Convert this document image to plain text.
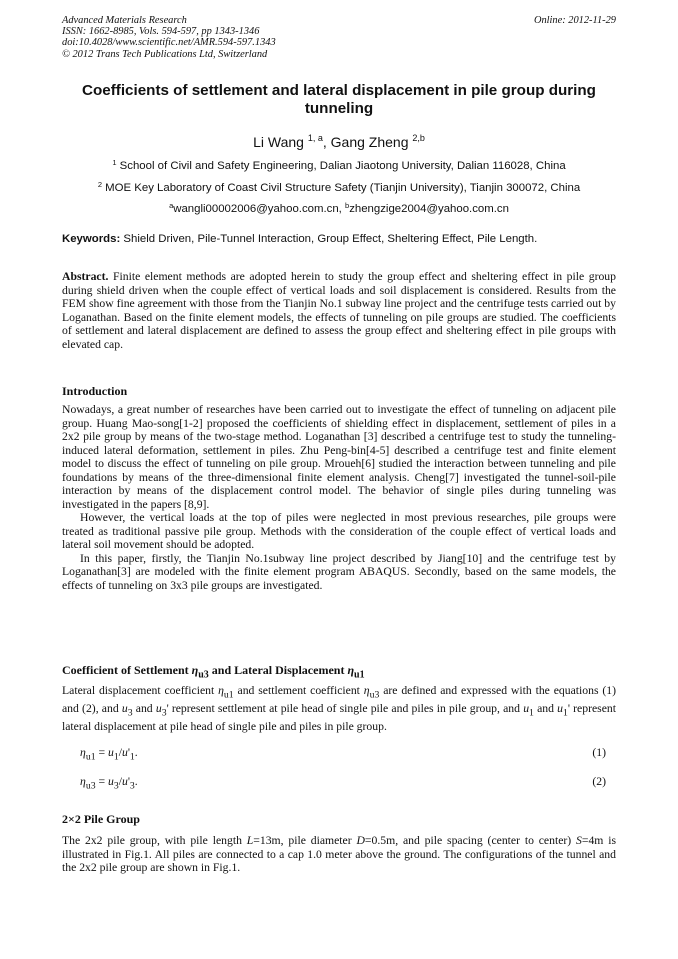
Advanced Materials Research
ISSN: 1662-8985, Vols. 594-597, pp 1343-1346
doi:10.4028/www.scientific.net/AMR.594-597.1343
© 2012 Trans Tech Publications Ltd, Switzerland
Online: 2012-11-29
Coefficients of settlement and lateral displacement in pile group during tunneling
Li Wang $^{1, a}$, Gang Zheng $^{2,b}$
$^1$ School of Civil and Safety Engineering, Dalian Jiaotong University, Dalian 116028, China
$^2$ MOE Key Laboratory of Coast Civil Structure Safety (Tianjin University), Tianjin 300072, China
$^a$wangli00002006@yahoo.com.cn, $^b$zhengzige2004@yahoo.com.cn
Keywords: Shield Driven, Pile-Tunnel Interaction, Group Effect, Sheltering Effect, Pile Length.

Abstract. Finite element methods are adopted herein to study the group effect and sheltering effect in pile group during shield driven when the couple effect of vertical loads and soil displacement is considered. Results from the FEM show fine agreement with those from the Tianjin No.1 subway line project and the centrifuge tests carried out by Loganathan. Based on the finite element models, the effects of tunneling on pile groups are studied. The coefficients of settlement and lateral displacement are defined to assess the group effect and sheltering effect in pile groups with elevated cap.

Introduction

Nowadays, a great number of researches have been carried out to investigate the effect of tunneling on adjacent pile group. Huang Mao-song[1-2] proposed the coefficients of shielding effect in displacement, settlement of piles in a 2x2 pile group by means of the two-stage method. Loganathan [3] described a centrifuge test to study the tunneling-induced lateral deformation, settlement in piles. Zhu Peng-bin[4-5] described a centrifuge test and finite element model to discuss the effect of tunneling on pile group. Mroueh[6] studied the interaction between tunneling and pile foundations by means of the three-dimensional finite element analysis. Cheng[7] investigated the tunnel-soil-pile interaction by means of the displacement control model. The behavior of single piles during tunneling was investigated in the papers [8,9].

However, the vertical loads at the top of piles were neglected in most previous researches, pile groups were treated as traditional passive pile group. Methods with the consideration of the couple effect of vertical loads and lateral soil movement should be adopted.

In this paper, firstly, the Tianjin No.1subway line project described by Jiang[10] and the centrifuge test by Loganathan[3] are modeled with the finite element program ABAQUS. Secondly, based on the same models, the effects of tunneling on 3x3 pile groups are investigated.

Coefficient of Settlement $\eta_{u3}$ and Lateral Displacement $\eta_{u1}$

Lateral displacement coefficient $\eta_{u1}$ and settlement coefficient $\eta_{u3}$ are defined and expressed with the equations (1) and (2), and $u_3$ and $u_3'$ represent settlement at pile head of single pile and piles in pile group, and $u_1$ and $u_1'$ represent lateral displacement at pile head of single pile and piles in pile group.

$\eta_{u1} = u_1/u'_1$.	(1)
$\eta_{u3} = u_3/u'_3$.	(2)
2×2 Pile Group

The 2x2 pile group, with pile length L=13m, pile diameter D=0.5m, and pile spacing (center to center) S=4m is illustrated in Fig.1. All piles are connected to a cap 1.0 meter above the ground. The configurations of the tunnel and the 2x2 pile group are shown in Fig.1.
